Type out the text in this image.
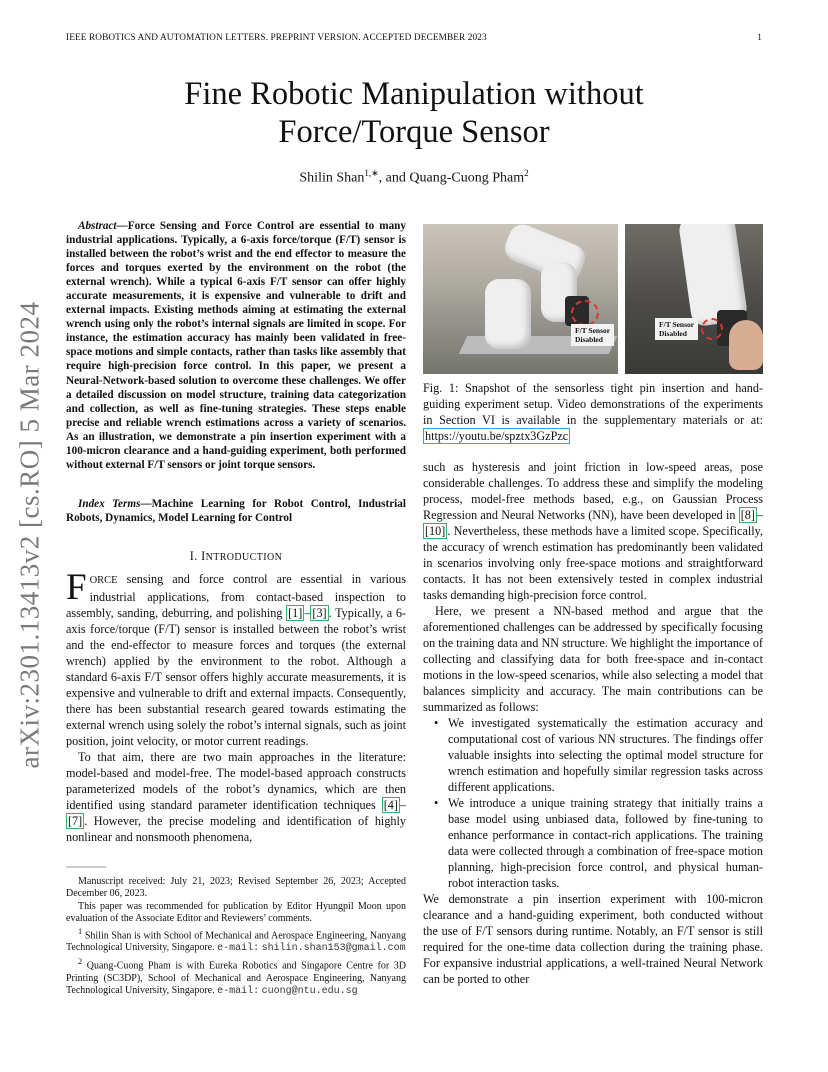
IEEE ROBOTICS AND AUTOMATION LETTERS. PREPRINT VERSION. ACCEPTED DECEMBER 2023	1
arXiv:2301.13413v2 [cs.RO] 5 Mar 2024
Fine Robotic Manipulation without
Force/Torque Sensor
Shilin Shan$^{1,∗}$, and Quang-Cuong Pham$^2$
Abstract—Force Sensing and Force Control are essential to many industrial applications. Typically, a 6-axis force/torque (F/T) sensor is installed between the robot’s wrist and the end effector to measure the forces and torques exerted by the environment on the robot (the external wrench). While a typical 6-axis F/T sensor can offer highly accurate measurements, it is expensive and vulnerable to drift and external impacts. Existing methods aiming at estimating the external wrench using only the robot’s internal signals are limited in scope. For instance, the estimation accuracy has mainly been validated in free-space motions and simple contacts, rather than tasks like assembly that require high-precision force control. In this paper, we present a Neural-Network-based solution to overcome these challenges. We offer a detailed discussion on model structure, training data categorization and collection, as well as fine-tuning strategies. These steps enable precise and reliable wrench estimations across a variety of scenarios. As an illustration, we demonstrate a pin insertion experiment with a 100-micron clearance and a hand-guiding experiment, both performed without external F/T sensors or joint torque sensors.
Index Terms—Machine Learning for Robot Control, Industrial Robots, Dynamics, Model Learning for Control
I. INTRODUCTION

FORCE sensing and force control are essential in various industrial applications, from contact-based inspection to assembly, sanding, deburring, and polishing [1] – [3] . Typically, a 6-axis force/torque (F/T) sensor is installed between the robot’s wrist and the end-effector to measure forces and torques (the external wrench) applied by the environment to the robot. Although a standard 6-axis F/T sensor offers highly accurate measurements, it is expensive and vulnerable to drift and external impacts. Consequently, there has been substantial research geared towards estimating the external wrench using solely the robot’s internal signals, such as joint position, joint velocity, or motor current readings.

To that aim, there are two main approaches in the literature: model-based and model-free. The model-based approach constructs parameterized models of the robot’s dynamics, which are then identified using standard parameter identification techniques [4] –[7] . However, the precise modeling and identification of highly nonlinear and nonsmooth phenomena,

Manuscript received: July 21, 2023; Revised September 26, 2023; Accepted December 06, 2023.

This paper was recommended for publication by Editor Hyungpil Moon upon evaluation of the Associate Editor and Reviewers’ comments.

$^1$ Shilin Shan is with School of Mechanical and Aerospace Engineering, Nanyang Technological University, Singapore. e-mail: shilin.shan153@gmail.com

$^2$ Quang-Cuong Pham is with Eureka Robotics and Singapore Centre for 3D Printing (SC3DP), School of Mechanical and Aerospace Engineering, Nanyang Technological University, Singapore. e-mail: cuong@ntu.edu.sg

F/T Sensor
Disabled
F/T Sensor
Disabled
Fig. 1: Snapshot of the sensorless tight pin insertion and hand-guiding experiment setup. Video demonstrations of the experiments in Section VI is available in the supplementary materials or at: https://youtu.be/spztx3GzPzc

such as hysteresis and joint friction in low-speed areas, pose considerable challenges. To address these and simplify the modeling process, model-free methods based, e.g., on Gaussian Process Regression and Neural Networks (NN), have been developed in [8] –[10] . Nevertheless, these methods have a limited scope. Specifically, the accuracy of wrench estimation has predominantly been validated in scenarios involving only free-space motions and straightforward contacts. It has not been extensively tested in complex industrial tasks demanding high-precision force control.

Here, we present a NN-based method and argue that the aforementioned challenges can be addressed by specifically focusing on the training data and NN structure. We highlight the importance of collecting and classifying data for both free-space and in-contact motions in the low-speed scenarios, while also selecting a model that balances simplicity and accuracy. The main contributions can be summarized as follows:

• We investigated systematically the estimation accuracy and computational cost of various NN structures. The findings offer valuable insights into selecting the optimal model structure for wrench estimation and hopefully similar regression tasks across different applications.
• We introduce a unique training strategy that initially trains a base model using unbiased data, followed by fine-tuning to enhance performance in contact-rich applications. The training data were collected through a combination of free-space motion planning, high-precision force control, and physical human-robot interaction tasks.

We demonstrate a pin insertion experiment with 100-micron clearance and a hand-guiding experiment, both conducted without the use of F/T sensors during runtime. Notably, an F/T sensor is still required for the one-time data collection during the training phase. For expansive industrial applications, a well-trained Neural Network can be ported to other
